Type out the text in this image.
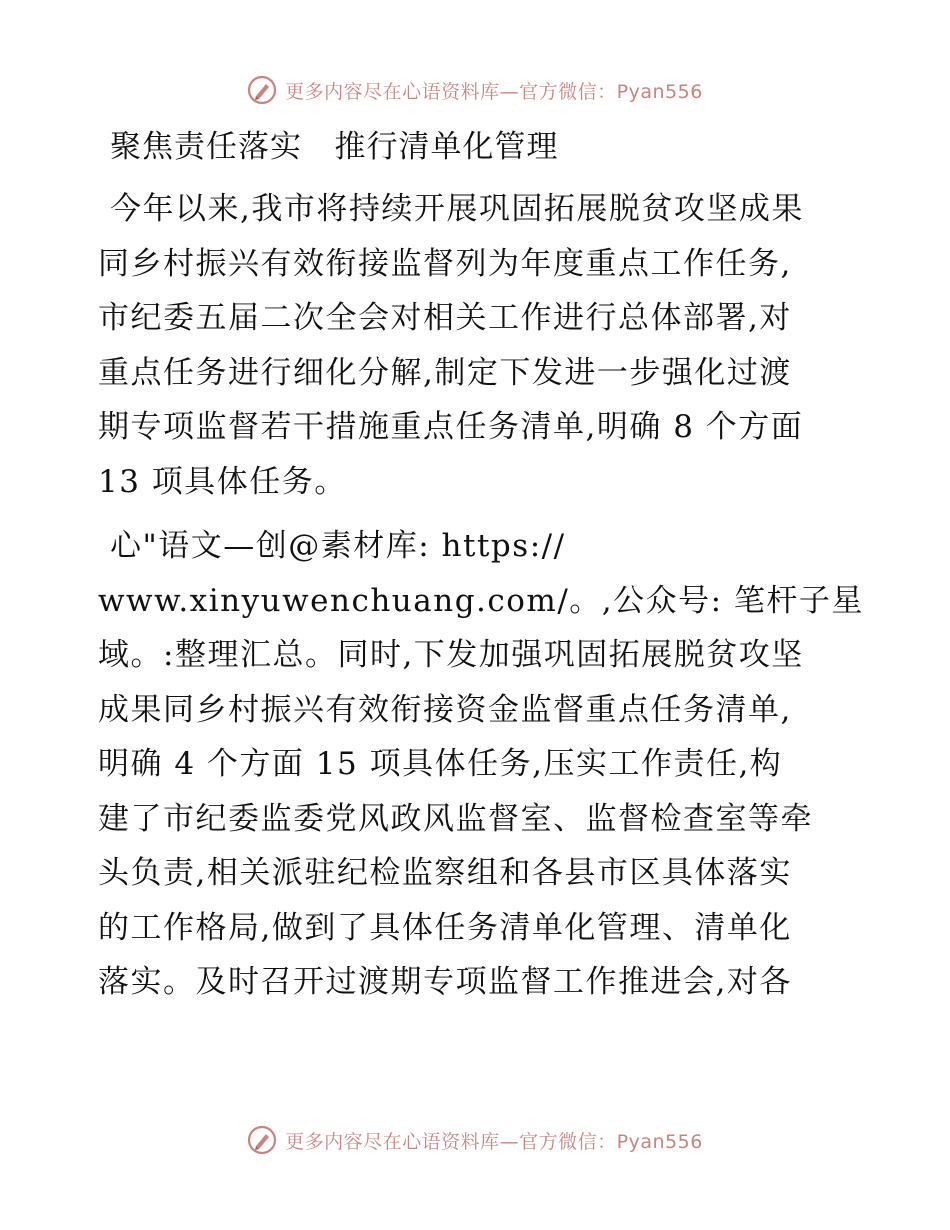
更多内容尽在心语资料库—官方微信：Pyan556
聚焦责任落实   推行清单化管理
今年以来,我市将持续开展巩固拓展脱贫攻坚成果
同乡村振兴有效衔接监督列为年度重点工作任务,
市纪委五届二次全会对相关工作进行总体部署,对
重点任务进行细化分解,制定下发进一步强化过渡
期专项监督若干措施重点任务清单,明确 8 个方面
13 项具体任务。
心"语文—创@素材库: https://
www.xinyuwenchuang.com/。,公众号: 笔杆子星
域。:整理汇总。同时,下发加强巩固拓展脱贫攻坚
成果同乡村振兴有效衔接资金监督重点任务清单,
明确 4 个方面 15 项具体任务,压实工作责任,构
建了市纪委监委党风政风监督室、监督检查室等牵
头负责,相关派驻纪检监察组和各县市区具体落实
的工作格局,做到了具体任务清单化管理、清单化
落实。及时召开过渡期专项监督工作推进会,对各
更多内容尽在心语资料库—官方微信：Pyan556
